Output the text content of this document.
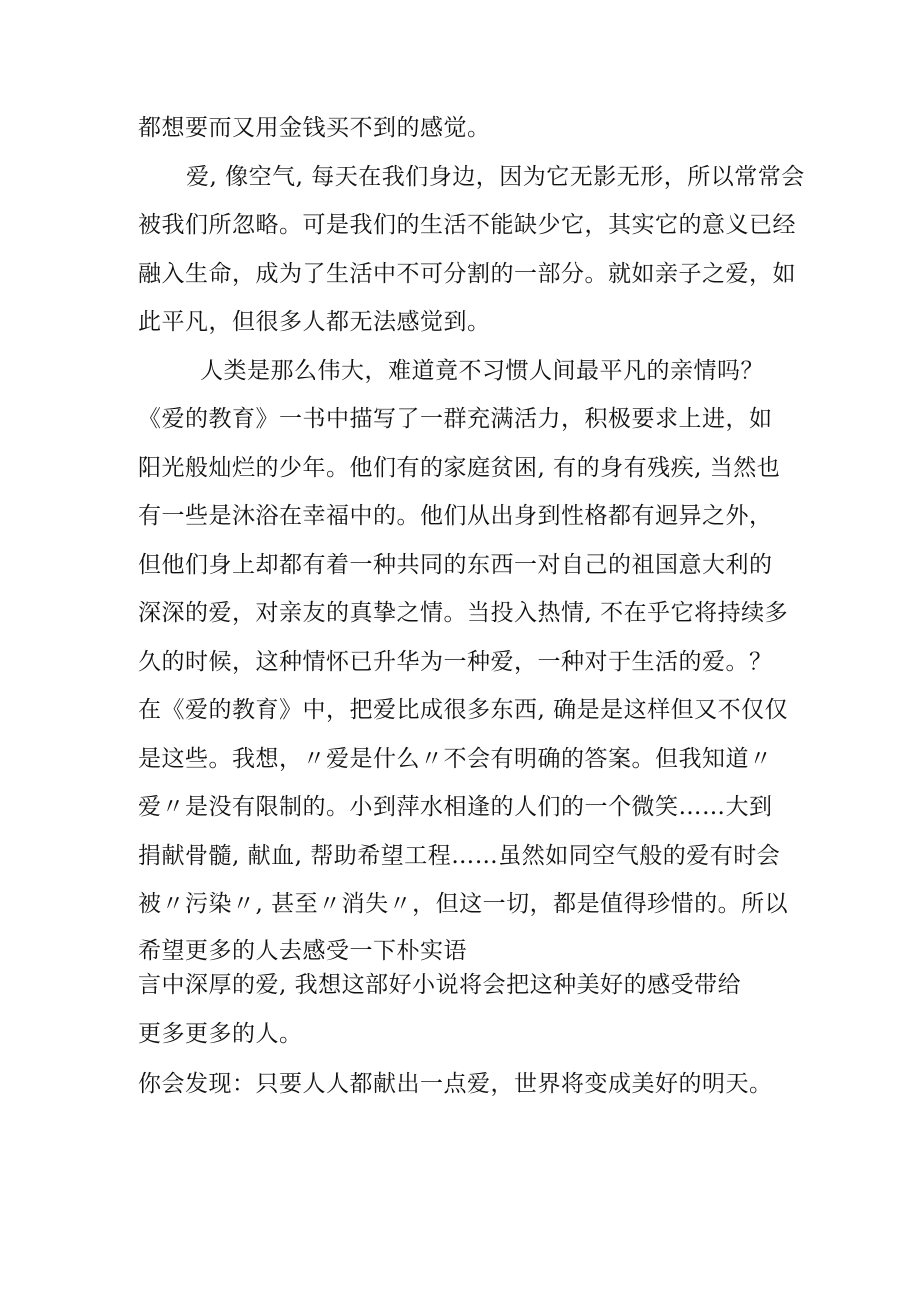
都想要而又用金钱买不到的感觉。
爱, 像空气, 每天在我们身边，因为它无影无形，所以常常会
被我们所忽略。可是我们的生活不能缺少它，其实它的意义已经
融入生命，成为了生活中不可分割的一部分。就如亲子之爱，如
此平凡，但很多人都无法感觉到。
人类是那么伟大，难道竟不习惯人间最平凡的亲情吗？
《爱的教育》一书中描写了一群充满活力，积极要求上进，如
阳光般灿烂的少年。他们有的家庭贫困, 有的身有残疾, 当然也
有一些是沐浴在幸福中的。他们从出身到性格都有迥异之外，
但他们身上却都有着一种共同的东西一对自己的祖国意大利的
深深的爱，对亲友的真挚之情。当投入热情, 不在乎它将持续多
久的时候，这种情怀已升华为一种爱，一种对于生活的爱。？
在《爱的教育》中，把爱比成很多东西, 确是是这样但又不仅仅
是这些。我想，〃爱是什么〃不会有明确的答案。但我知道〃
爱〃是没有限制的。小到萍水相逢的人们的一个微笑……大到
捐献骨髓, 献血, 帮助希望工程……虽然如同空气般的爱有时会
被〃污染〃, 甚至〃消失〃，但这一切，都是值得珍惜的。所以
希望更多的人去感受一下朴实语
言中深厚的爱, 我想这部好小说将会把这种美好的感受带给
更多更多的人。
你会发现：只要人人都献出一点爱，世界将变成美好的明天。
